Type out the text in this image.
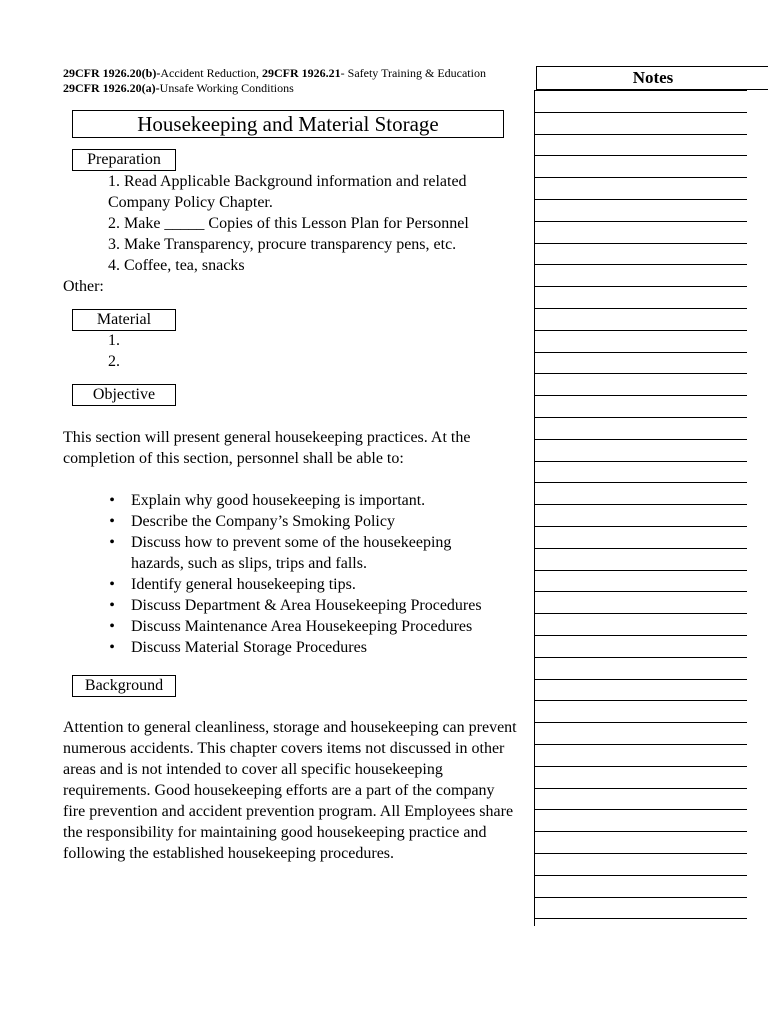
29CFR 1926.20(b)-Accident Reduction, 29CFR 1926.21- Safety Training & Education
29CFR 1926.20(a)-Unsafe Working Conditions
Housekeeping and Material Storage
Preparation
1. Read Applicable Background information and related
Company Policy Chapter.
2. Make _____ Copies of this Lesson Plan for Personnel
3. Make Transparency, procure transparency pens, etc.
4. Coffee, tea, snacks
Other:
Material
1.
2.
Objective
This section will present general housekeeping practices. At the completion of this section, personnel shall be able to:
• Explain why good housekeeping is important.
• Describe the Company’s Smoking Policy
• Discuss how to prevent some of the housekeeping hazards, such as slips, trips and falls.
• Identify general housekeeping tips.
• Discuss Department & Area Housekeeping Procedures
• Discuss Maintenance Area Housekeeping Procedures
• Discuss Material Storage Procedures
Background
Attention to general cleanliness, storage and housekeeping can prevent numerous accidents. This chapter covers items not discussed in other areas and is not intended to cover all specific housekeeping requirements. Good housekeeping efforts are a part of the company fire prevention and accident prevention program. All Employees share the responsibility for maintaining good housekeeping practice and following the established housekeeping procedures.
Notes
